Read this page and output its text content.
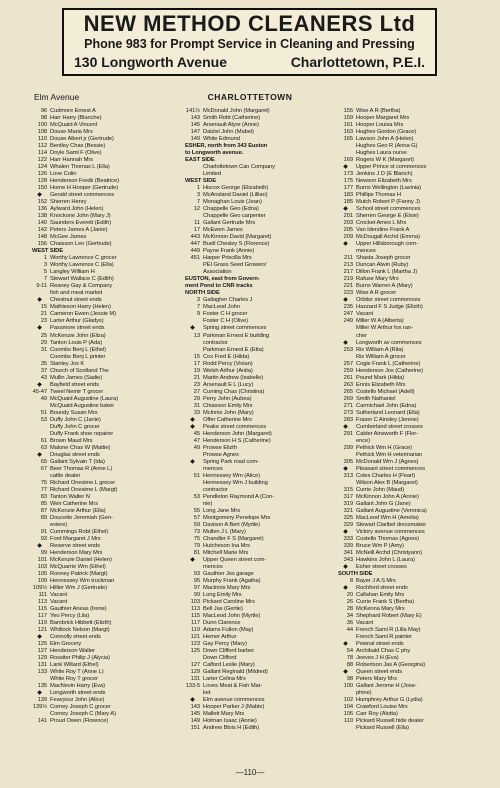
NEW METHOD CLEANERS Ltd
Phone 983 for Prompt Service in Cleaning and Pressing
130 Longworth Avenue	Charlottetown, P.E.I.
CHARLOTTETOWN
Elm Avenue
96 Cudmore Ernest A
98 Harr Harry (Blanche)
100 McQuaid A Vincent
108 Douse Maria Mrs
110 Douse Albert jr (Gertrude)
112 Bentley Chas (Bessie)
114 Doyle Saml F (Olive)
122 Harr Hannah Mrs
124 Whalen Thomas L (Ella)
126 Love Colin
128 Henderson Fredk (Beatrice)
150 Horne H Hooper (Gertrude)
◆ Gerald street commences
152 Sherren Henry
136 Aylward John (Helen)
138 Knockone John (Mary J)
140 Saunders Everett (Edith)
142 Peters James A (Janie)
148 McGee James
156 Chaisson Leo (Gertrude)
WEST SIDE
1 Worthy Lawrence C grocer
3 Worthy Lawrence C (Ella)
5 Langley William H
7 Stewart Wallace C (Edith)
9-11 Reaney Gay & Company
fish and meat market
◆ Chestnut street ends
15 Mathieson Harry (Helen)
21 Cameron Ewen (Jessie M)
23 Larter Arthur (Gladys)
◆ Passmore street ends
25 McKenzie John (Eliza)
29 Tanton Louis P (Ada)
31 Coombs Benj L (Ethel)
Coombs Benj L printer
35 Stanley Jos K
37 Church of Scotland The
43 Mullin James (Sadie)
◆ Bayfield street ends
45-47 Tweel Nemir T grocer
49 McQuaid Augustine (Laura)
McQuaid Augustine baker
51 Boundy Susan Mrs
53 Duffy John C (Janie)
Duffy John C grocer
Duffy Frank shoe repairer
61 Brown Maud Mrs
63 Malone Chas W (Mattie)
◆ Douglas street ends
65 Gallant Sylvain T (Ida)
67 Beer Thomas R (Anne L)
cattle dealer
75 Richard Onesime L grocer
77 Richard Onesime L (Margt)
83 Tanton Walter N
85 Weir Catherine Mrs
87 McKenzie Arthur (Ella)
89 Doucette Jeremiah (Gen-
eviere)
91 Cummings Robt (Ethel)
93 Ford Margaret J Mrs
◆ Reserve street ends
99 Henderson Mary Mrs
101 McKenzie Daniel (Helen)
103 McQuarrie Wm (Ethel)
105 Rooney Patrick (Margt)
109 Hennessey Wm truckman
109½ Hillier Wm J (Gertrude)
111 Vacant
113 Vacant
115 Gauthier Aneas (Irene)
117 Yeo Percy (Lila)
119 Bambrick Hibbett (Elizth)
121 Whitlock Nelson (Margt)
◆ Connolly street ends
125 Elm Grocery
127 Henderson Walter
129 Rossiter Philip J (Alycia)
131 Lank Willard (Ethel)
133 White Roy T (Anne L)
White Roy T grocer
135 MacNevin Harry (Eva)
◆ Longworth street ends
139 Feavyour John (Alice)
139½ Corney Joseph C grocer
Corney Joseph C (Mary A)
141 Proud Owen (Florence)
141½ McDonald John (Margaret)
143 Smith Robt (Catherine)
145 Arsenault Alyre (Anne)
147 Dalziel John (Mabel)
149 White Edmund
ESHER, north from 343 Euston
to Longworth avenue.
EAST SIDE
Charlottetown Can Company
Limited
WEST SIDE
1 Hiscox George (Elizabeth)
3 McAnsland Daniel (Lillian)
7 Monaghan Louis (Jean)
12 Chappelle Geo (Edna)
Chappelle Geo carpenter
11 Gallant Gertrude Mrs
17 McEwen James
443 McKinnon David (Margaret)
447 Buell Chesley S (Florence)
449 Payne Frank (Annie)
451 Harper Priscilla Mrs
PEI Grass Seed Growers'
Association
EUSTON, east from Govern-
ment Pond to CNR tracks
NORTH SIDE
3 Gallagher Charles J
7 MacLeod John
9 Foster C H grocer
Foster C H (Olive)
◆ Spring street commences
13 Parkman Ernest E building
contractor
Parkman Ernest E (Etta)
15 Cox Fred E (Hilda)
17 Rodd Percy (Vivian)
19 Welsh Arthur (Anita)
21 Martin Andrew (Isabelle)
23 Arsenault E L (Lucy)
27 Cuming Chas (Christina)
29 Perry John (Aubea)
31 Chiasson Emily Mrs
33 McInnis John (Mary)
◆ Offer Catherine Mrs
◆ Peake street commences
45 Henderson John (Margaret)
47 Henderson H S (Catherine)
49 Prowse Elizth
Prowse Agnes
◆ Spring Park road com-
mences
51 Hennessey Wm (Alice)
Hennessey Wm J building
contractor
53 Pendleton Raymond A (Con-
nie)
55 Long Jane Mrs
57 Montgomery Penelope Mrs
59 Davison A Bert (Myrtle)
73 Mullen J L (Mary)
75 Chandler F S (Margaret)
79 Hutcheson Ina Mrs
81 Mitchell Marie Mrs
◆ Upper Queen street com-
mences
93 Gauthier Jos garage
95 Murphy Frank (Agatha)
97 MacInnis Mary Mrs
99 Long Emily Mrs
103 Pickard Caroline Mrs
113 Bell Jas (Gertie)
115 MacLeod John (Myrtle)
117 Dunn Clarence
119 Adams Fulton (May)
121 Hemer Arthur
123 Gay Percy (Mary)
125 Down Clifford barber
Down Clifford
127 Calford Leslie (Mary)
129 Gallant Reginald (Mildred)
131 Larter Celina Mrs
133-5 Loves Meat & Fish Mar-
ket
◆ Elm avenue commences
143 Hooper Parker J (Mable)
145 Mallett Mary Mrs
149 Holman Isaac (Annie)
151 Andrew Blois H (Edith)
155 Wise A R (Bertha)
159 Hooper Margaret Mrs
161 Hooper Louisa Mrs
163 Hughes Gordon (Grace)
165 Lawson John A (Helen)
Hughes Geo R (Anna G)
Hughes Laura nurse
169 Rogers W K (Margaret)
◆ Upper Prince st commences
173 Jenkins J D (E Blanch)
175 Newson Elizabeth Mrs
177 Burns Wellington (Lavinia)
183 Phillips Thomas H
185 Mutch Robert P (Fanny J)
◆ School street commences
201 Sherren George E (Elsie)
203 Crocket Ames L Mrs
205 Van Iderstine Frank A
209 McDougall Archd (Emma)
◆ Upper Hillsborough com-
mences
211 Shasta Joseph grocer
213 Duncan Alwin (Ruby)
217 Dillon Frank L (Martha J)
219 Rafuse Mary Mrs
221 Burns Warren A (Mary)
223 Wise A R grocer
◆ Orbitor street commences
235 Hazzard F S Judge (Elizth)
247 Vacant
249 Miller W A (Alberta)
Miller W Arthur fox ran-
cher
◆ Longworth av commences
253 Rix William A (Rita)
Rix William A grocer
257 Cogie Frank L (Catherine)
259 Henderson Jos (Catherine)
261 Pound Mark (Hilda)
263 Ennis Elizabeth Mrs
265 Costello Michael (Adell)
269 Smith Nathaniel
271 Carmichael John (Edna)
273 Sutherland Leonard (Ella)
283 Fraser C Ainsley (Jennie)
◆ Cumberland street crosses
291 Calder Ainsworth F (Flor-
ence)
299 Pethick Wm H (Grace)
Pethick Wm H veterinarian
305 McDonald Wm J (Agnes)
◆ Pleasant street commences
313 Coles Charles H (Pearl)
Wilson Alex B (Margaret)
315 Currie John (Maud)
317 McKinnon John A (Annie)
319 Gallant John G (Jane)
321 Gallant Augustine (Veronica)
325 MacLeod Wm H (Amelia)
329 Stewart Clarlbel dressmaker
◆ Victory avenue commences
333 Costello Thomas (Agnes)
339 Bruce Wm P (Amy)
341 McNeill Archd (Christyann)
343 Hawkins John L (Laura)
◆ Esher street crosses
SOUTH SIDE
8 Bayer J A S Mrs
◆ Rochford street ends
20 Callahan Emily Mrs
26 Currie Frank S (Bertha)
28 McKenna Mary Mrs
34 Shephard Robert (Mary E)
36 Vacant
44 French Saml R (Lilla May)
French Saml R painter
◆ Pownal street ends
54 Archibald Chas C phy
78 Jeeves J H (Eva)
88 Robertson Jas A (Georgina)
◆ Queen street ends
98 Peters Mary Mrs
100 Gallant Jerome H (Jose-
phine)
102 Humphrey Arthur G (Lydia)
104 Crawford Louise Mrs
106 Carr Roy (Alotta)
110 Pickard Russell hide dealer
Pickard Russell (Ella)
—110—
